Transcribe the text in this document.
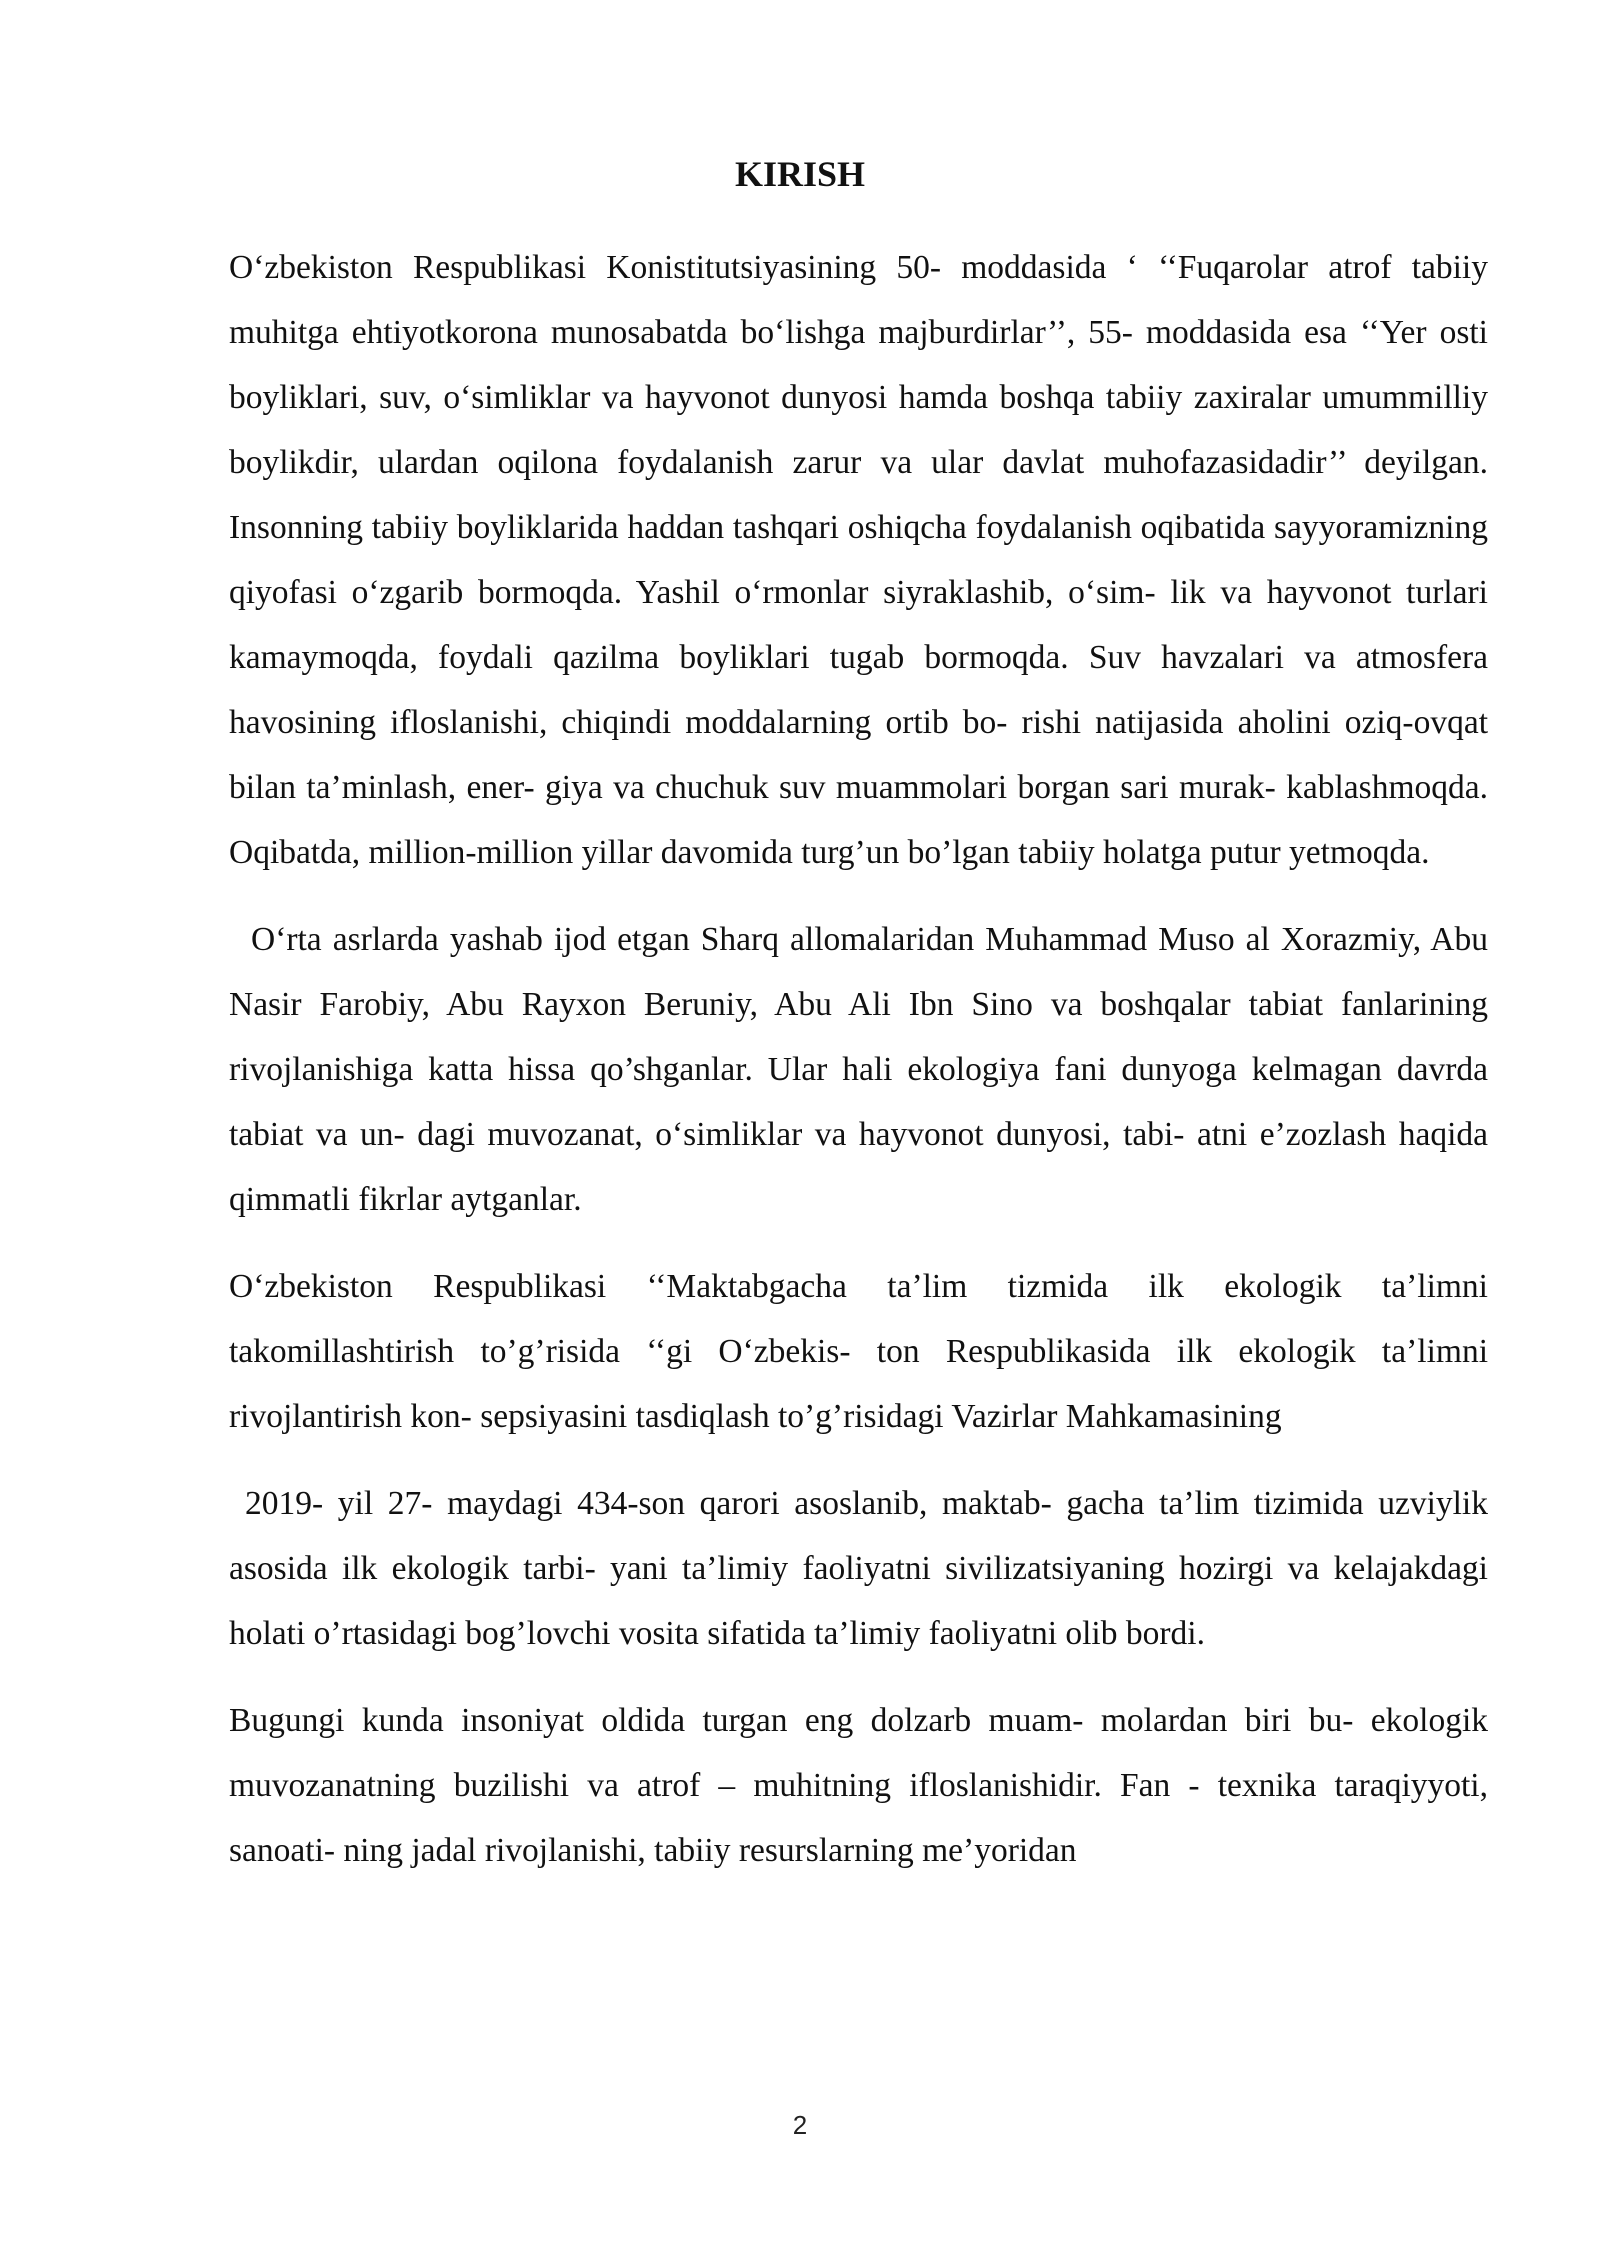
KIRISH

O‘zbekiston Respublikasi Konistitutsiyasining 50- moddasida ‘ ‘‘Fuqarolar atrof tabiiy muhitga ehtiyotkorona munosabatda bo‘lishga majburdirlar’’, 55- moddasida esa ‘‘Yer osti boyliklari, suv, o‘simliklar va hayvonot dunyosi hamda boshqa tabiiy zaxiralar umummilliy boylikdir, ulardan oqilona foydalanish zarur va ular davlat muhofazasidadir’’ deyilgan. Insonning tabiiy boyliklarida haddan tashqari oshiqcha foydalanish oqibatida sayyoramizning qiyofasi o‘zgarib bormoqda. Yashil o‘rmonlar siyraklashib, o‘sim- lik va hayvonot turlari kamaymoqda, foydali qazilma boyliklari tugab bormoqda. Suv havzalari va atmosfera havosining ifloslanishi, chiqindi moddalarning ortib bo- rishi natijasida aholini oziq-ovqat bilan ta’minlash, ener- giya va chuchuk suv muammolari borgan sari murak- kablashmoqda. Oqibatda, million-million yillar davomida turg’un bo’lgan tabiiy holatga putur yetmoqda.

O‘rta asrlarda yashab ijod etgan Sharq allomalaridan Muhammad Muso al Xorazmiy, Abu Nasir Farobiy, Abu Rayxon Beruniy, Abu Ali Ibn Sino va boshqalar tabiat fanlarining rivojlanishiga katta hissa qo’shganlar. Ular hali ekologiya fani dunyoga kelmagan davrda tabiat va un- dagi muvozanat, o‘simliklar va hayvonot dunyosi, tabi- atni e’zozlash haqida qimmatli fikrlar aytganlar.

O‘zbekiston Respublikasi ‘‘Maktabgacha ta’lim tizmida ilk ekologik ta’limni takomillashtirish to’g’risida ‘‘gi O‘zbekis- ton Respublikasida ilk ekologik ta’limni rivojlantirish kon- sepsiyasini tasdiqlash to’g’risidagi Vazirlar Mahkamasining

2019- yil 27- maydagi 434-son qarori asoslanib, maktab- gacha ta’lim tizimida uzviylik asosida ilk ekologik tarbi- yani ta’limiy faoliyatni sivilizatsiyaning hozirgi va kelajakdagi holati o’rtasidagi bog’lovchi vosita sifatida ta’limiy faoliyatni olib bordi.

Bugungi kunda insoniyat oldida turgan eng dolzarb muam- molardan biri bu- ekologik muvozanatning buzilishi va atrof – muhitning ifloslanishidir. Fan - texnika taraqiyyoti, sanoati- ning jadal rivojlanishi, tabiiy resurslarning me’yoridan

2
